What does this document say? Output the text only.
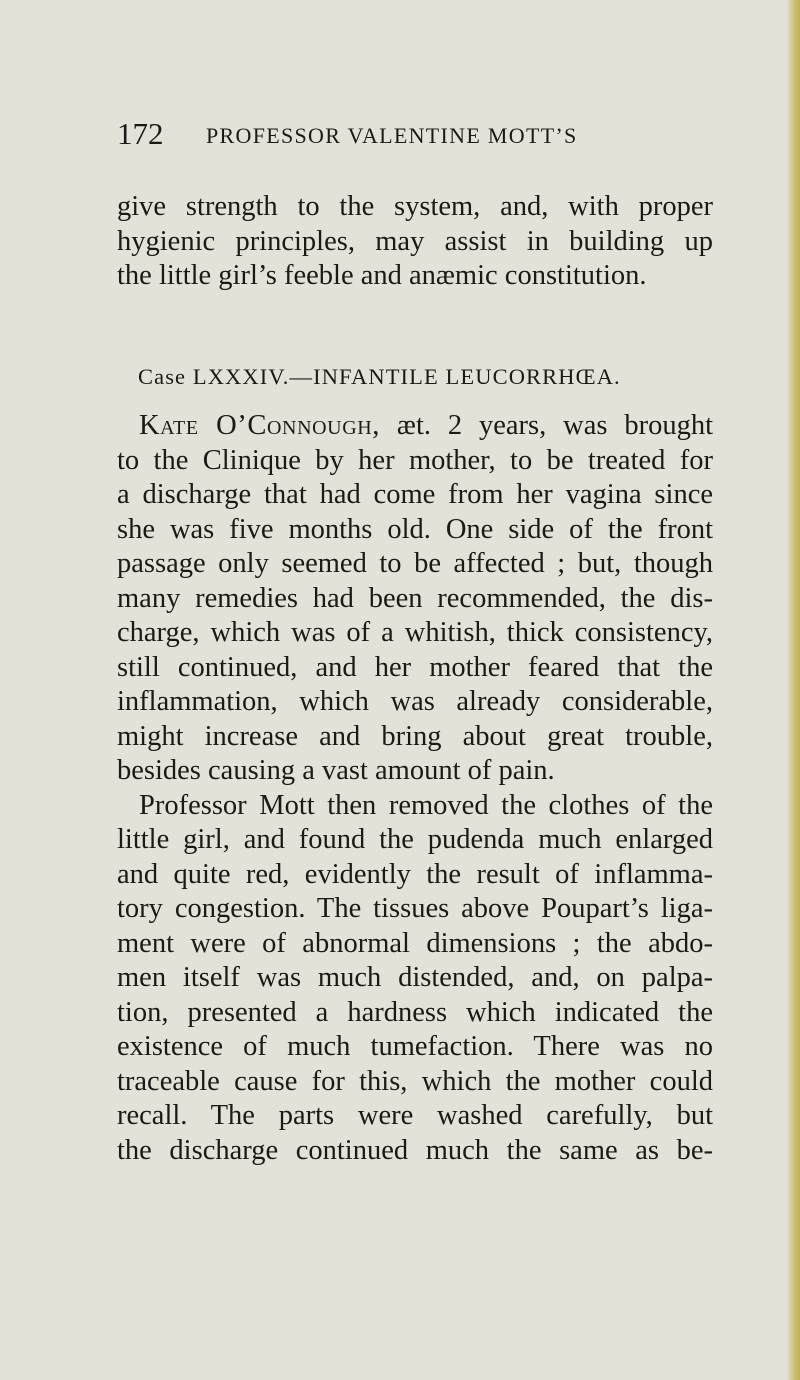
172 PROFESSOR VALENTINE MOTT’S
give strength to the system, and, with proper
hygienic principles, may assist in building up
the little girl’s feeble and anæmic constitution.
Case LXXXIV.—INFANTILE LEUCORRHŒA.
Kate O’Connough, æt. 2 years, was brought
to the Clinique by her mother, to be treated for
a discharge that had come from her vagina since
she was five months old. One side of the front
passage only seemed to be affected ; but, though
many remedies had been recommended, the dis-
charge, which was of a whitish, thick consistency,
still continued, and her mother feared that the
inflammation, which was already considerable,
might increase and bring about great trouble,
besides causing a vast amount of pain.
Professor Mott then removed the clothes of the
little girl, and found the pudenda much enlarged
and quite red, evidently the result of inflamma-
tory congestion. The tissues above Poupart’s liga-
ment were of abnormal dimensions ; the abdo-
men itself was much distended, and, on palpa-
tion, presented a hardness which indicated the
existence of much tumefaction. There was no
traceable cause for this, which the mother could
recall. The parts were washed carefully, but
the discharge continued much the same as be-
